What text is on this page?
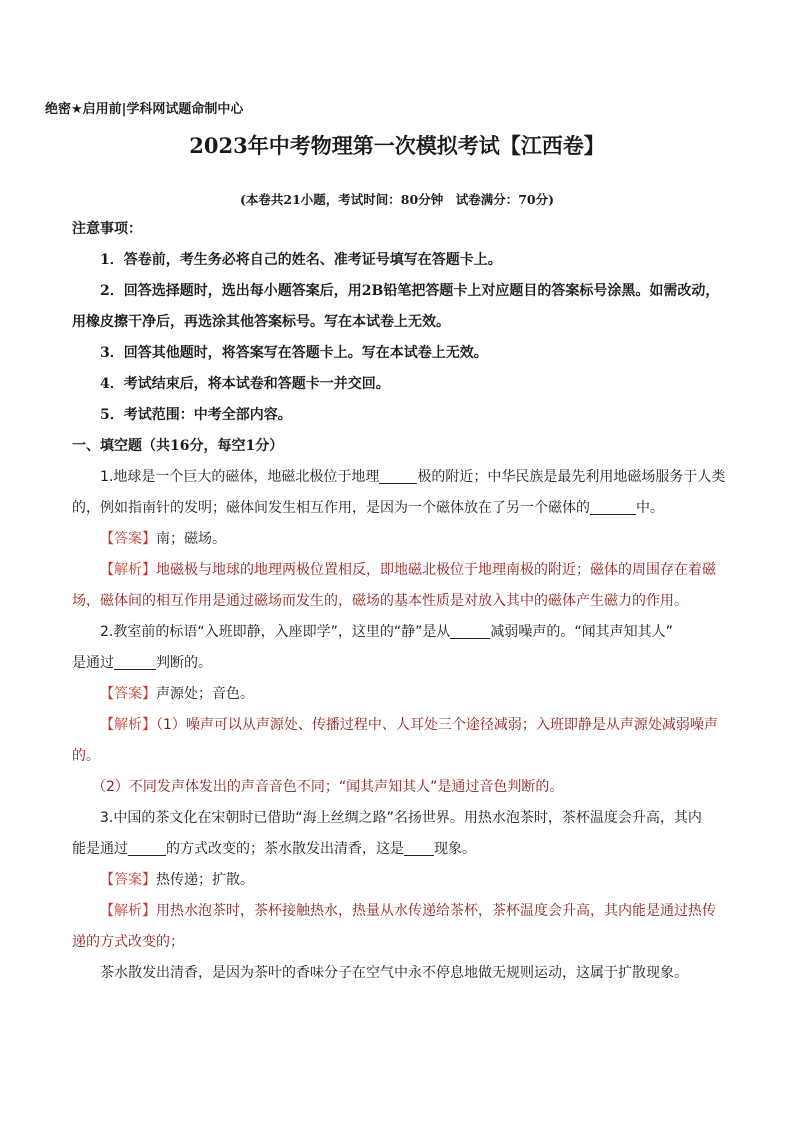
绝密★启用前|学科网试题命制中心
2023年中考物理第一次模拟考试【江西卷】
(本卷共21小题，考试时间：80分钟　试卷满分：70分)
注意事项：
1．答卷前，考生务必将自己的姓名、准考证号填写在答题卡上。
2．回答选择题时，选出每小题答案后，用2B铅笔把答题卡上对应题目的答案标号涂黑。如需改动，
用橡皮擦干净后，再选涂其他答案标号。写在本试卷上无效。
3．回答其他题时，将答案写在答题卡上。写在本试卷上无效。
4．考试结束后，将本试卷和答题卡一并交回。
5．考试范围：中考全部内容。
一、填空题（共16分，每空1分）
1.地球是一个巨大的磁体，地磁北极位于地理	极的附近；中华民族是最先利用地磁场服务于人类
的，例如指南针的发明；磁体间发生相互作用，是因为一个磁体放在了另一个磁体的	中。
【答案】南；磁场。
【解析】地磁极与地球的地理两极位置相反，即地磁北极位于地理南极的附近；磁体的周围存在着磁
场，磁体间的相互作用是通过磁场而发生的，磁场的基本性质是对放入其中的磁体产生磁力的作用。
2.教室前的标语“入班即静，入座即学”，这里的“静”是从	减弱噪声的。“闻其声知其人”
是通过	判断的。
【答案】声源处；音色。
【解析】（1）噪声可以从声源处、传播过程中、人耳处三个途径减弱；入班即静是从声源处减弱噪声
的。
（2）不同发声体发出的声音音色不同；“闻其声知其人”是通过音色判断的。
3.中国的茶文化在宋朝时已借助“海上丝绸之路”名扬世界。用热水泡茶时，茶杯温度会升高，其内
能是通过	的方式改变的；茶水散发出清香，这是 现象。
【答案】热传递；扩散。
【解析】用热水泡茶时，茶杯接触热水，热量从水传递给茶杯，茶杯温度会升高，其内能是通过热传
递的方式改变的；
茶水散发出清香，是因为茶叶的香味分子在空气中永不停息地做无规则运动，这属于扩散现象。
